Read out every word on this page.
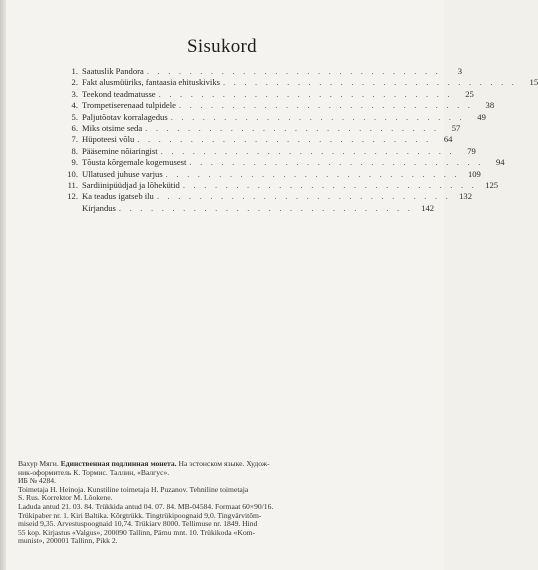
Sisukord
1. Saatuslik Pandora . . . . . . . . . . . . . . . . . . . . . . . . . . . .	3
2. Fakt alusmüüriks, fantaasia ehituskiviks . . . . . . . . . . . . . . . . . . . . . . . . . . . .	15
3. Teekond teadmatusse . . . . . . . . . . . . . . . . . . . . . . . . . . . .	25
4. Trompetiserenaad tulpidele . . . . . . . . . . . . . . . . . . . . . . . . . . . .	38
5. Paljutõotav korralagedus . . . . . . . . . . . . . . . . . . . . . . . . . . . .	49
6. Miks otsime seda . . . . . . . . . . . . . . . . . . . . . . . . . . . .	57
7. Hüpoteesi võlu . . . . . . . . . . . . . . . . . . . . . . . . . . . .	64
8. Pääsemine nõiaringist . . . . . . . . . . . . . . . . . . . . . . . . . . . .	79
9. Tõusta kõrgemale kogemusest . . . . . . . . . . . . . . . . . . . . . . . . . . . .	94
10. Ullatused juhuse varjus . . . . . . . . . . . . . . . . . . . . . . . . . . . . 109
11. Sardiinipüüdjad ja lõhekütid . . . . . . . . . . . . . . . . . . . . . . . . . . . . 125
12. Ka teadus igatseb ilu . . . . . . . . . . . . . . . . . . . . . . . . . . . . 132
Kirjandus . . . . . . . . . . . . . . . . . . . . . . . . . . . . 142
Вахур Мяги. Единственная подлинная монета. На эстонском языке. Худож-
ник-оформитель К. Тормис. Таллин, «Валгус».
ИБ № 4284.
Toimetaja H. Heinoja. Kunstiline toimetaja H. Puzanov. Tehniline toimetaja
S. Rus. Korrektor M. Lõokene.
Laduda antud 21. 03. 84. Trükkida antud 04. 07. 84. MB-04584. Formaat 60×90/16.
Trükipaber nr. 1. Kiri Baltika. Kõrgtrükk. Tingtrükipoognaid 9,0. Tingvärvitõm-
miseid 9,35. Arvestuspoognaid 10,74. Trükiarv 8000. Tellimuse nr. 1849. Hind
55 kop. Kirjastus «Valgus», 200090 Tallinn, Pärnu mnt. 10. Trükikoda «Kom-
munist», 200001 Tallinn, Pikk 2.
